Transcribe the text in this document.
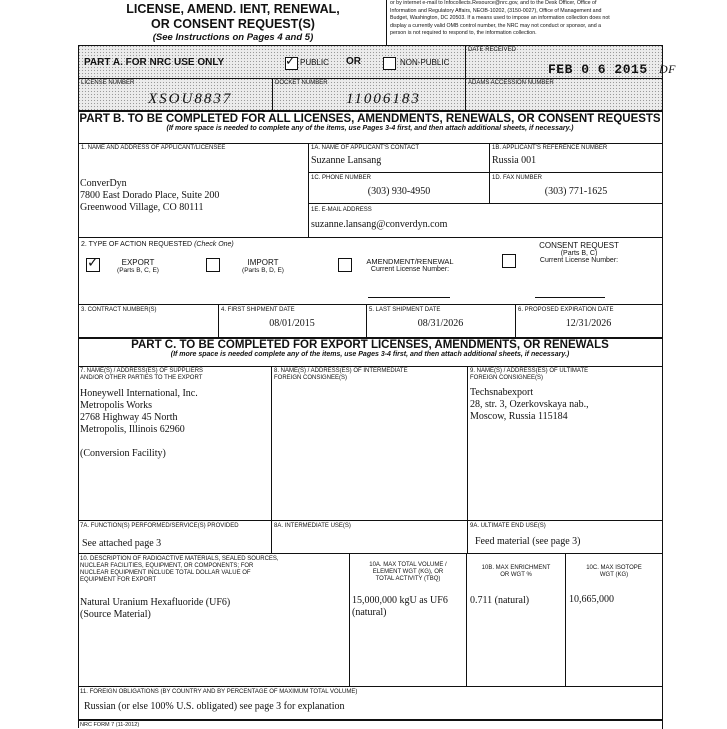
LICENSE, AMEND. IENT, RENEWAL,
OR CONSENT REQUEST(S)
(See Instructions on Pages 4 and 5)
or by internet e-mail to Infocollects.Resource@nrc.gov, and to the Desk Officer, Office of
Information and Regulatory Affairs, NEOB-10202, (3150-0027), Office of Management and
Budget, Washington, DC 20503. If a means used to impose an information collection does not
display a currently valid OMB control number, the NRC may not conduct or sponsor, and a
person is not required to respond to, the information collection.
PART A. FOR NRC USE ONLY	✓ PUBLIC OR	NON-PUBLIC
DATE RECEIVED
FEB 0 6 2015 DF
LICENSE NUMBER
XSOU8837
DOCKET NUMBER
11006183
ADAMS ACCESSION NUMBER
PART B. TO BE COMPLETED FOR ALL LICENSES, AMENDMENTS, RENEWALS, OR CONSENT REQUESTS
(If more space is needed to complete any of the items, use Pages 3-4 first, and then attach additional sheets, if necessary.)
1. NAME AND ADDRESS OF APPLICANT/LICENSEE
ConverDyn
7800 East Dorado Place, Suite 200
Greenwood Village, CO 80111
1A. NAME OF APPLICANT'S CONTACT
Suzanne Lansang
1B. APPLICANT'S REFERENCE NUMBER
Russia 001
1C. PHONE NUMBER
(303) 930-4950
1D. FAX NUMBER
(303) 771-1625
1E. E-MAIL ADDRESS
suzanne.lansang@converdyn.com
2. TYPE OF ACTION REQUESTED (Check One)
✓	EXPORT
(Parts B, C, E)
IMPORT
(Parts B, D, E)
AMENDMENT/RENEWAL
Current License Number:
CONSENT REQUEST
(Parts B, C)
Current License Number:
3. CONTRACT NUMBER(S)	4. FIRST SHIPMENT DATE
08/01/2015
5. LAST SHIPMENT DATE
08/31/2026
6. PROPOSED EXPIRATION DATE
12/31/2026
PART C. TO BE COMPLETED FOR EXPORT LICENSES, AMENDMENTS, OR RENEWALS
(If more space is needed complete any of the items, use Pages 3-4 first, and then attach additional sheets, if necessary.)
7. NAME(S) / ADDRESS(ES) OF SUPPLIERS
AND/OR OTHER PARTIES TO THE EXPORT
Honeywell International, Inc.
Metropolis Works
2768 Highway 45 North
Metropolis, Illinois 62960

(Conversion Facility)
8. NAME(S) / ADDRESS(ES) OF INTERMEDIATE
FOREIGN CONSIGNEE(S)
9. NAME(S) / ADDRESS(ES) OF ULTIMATE
FOREIGN CONSIGNEE(S)
Techsnabexport
28, str. 3, Ozerkovskaya nab.,
Moscow, Russia 115184
7A. FUNCTION(S) PERFORMED/SERVICE(S) PROVIDED
See attached page 3
8A. INTERMEDIATE USE(S)	9A. ULTIMATE END USE(S)
Feed material (see page 3)
10. DESCRIPTION OF RADIOACTIVE MATERIALS, SEALED SOURCES,
NUCLEAR FACILITIES, EQUIPMENT, OR COMPONENTS; FOR
NUCLEAR EQUIPMENT INCLUDE TOTAL DOLLAR VALUE OF
EQUIPMENT FOR EXPORT
Natural Uranium Hexafluoride (UF6)
(Source Material)
10A. MAX TOTAL VOLUME /
ELEMENT WGT (KG), OR
TOTAL ACTIVITY (TBQ)
15,000,000 kgU as UF6
(natural)
10B. MAX ENRICHMENT
OR WGT %
0.711 (natural)
10C. MAX ISOTOPE
WGT (KG)
10,665,000
11. FOREIGN OBLIGATIONS (BY COUNTRY AND BY PERCENTAGE OF MAXIMUM TOTAL VOLUME)
Russian (or else 100% U.S. obligated) see page 3 for explanation
NRC FORM 7 (11-2012)
